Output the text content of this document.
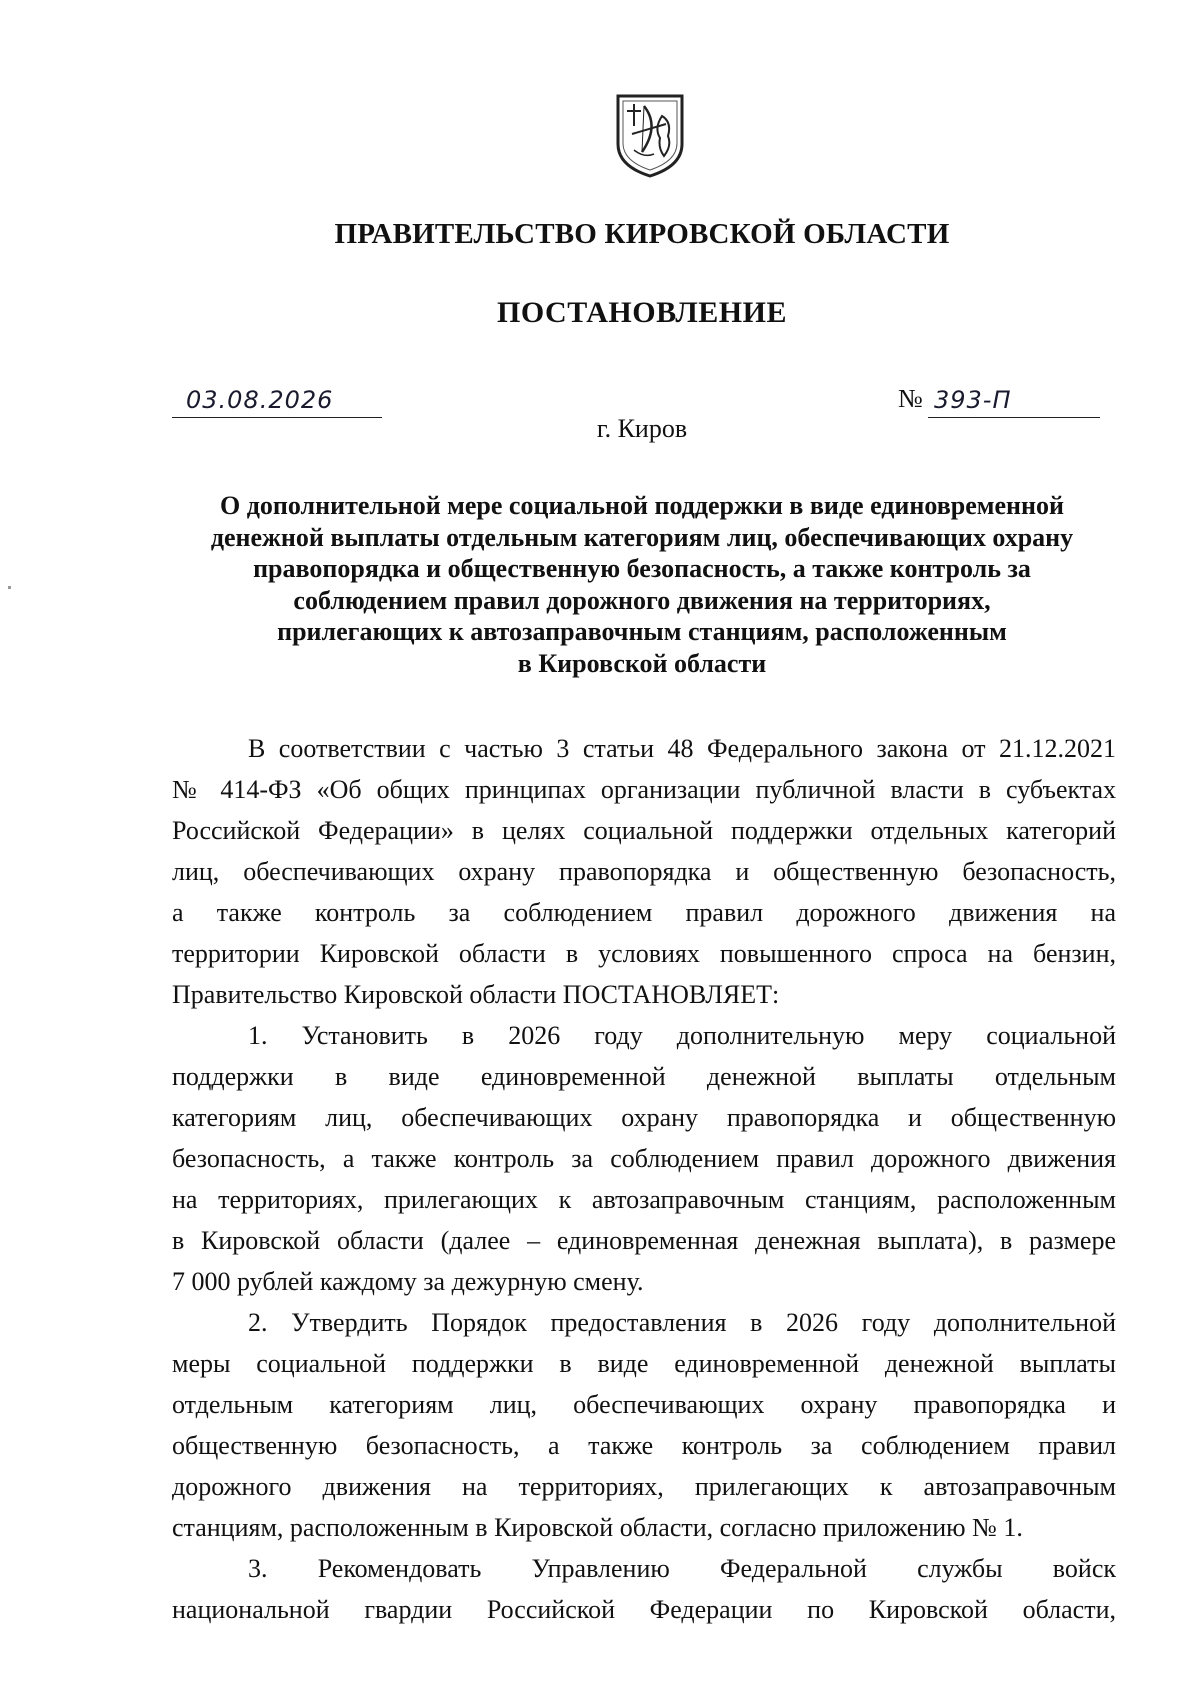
ПРАВИТЕЛЬСТВО КИРОВСКОЙ ОБЛАСТИ
ПОСТАНОВЛЕНИЕ
03.08.2026	№ 393-П
г. Киров
О дополнительной мере социальной поддержки в виде единовременной
денежной выплаты отдельным категориям лиц, обеспечивающих охрану
правопорядка и общественную безопасность, а также контроль за
соблюдением правил дорожного движения на территориях,
прилегающих к автозаправочным станциям, расположенным
в Кировской области
В соответствии с частью 3 статьи 48 Федерального закона от 21.12.2021
№ 414-ФЗ «Об общих принципах организации публичной власти в субъектах
Российской Федерации» в целях социальной поддержки отдельных категорий
лиц, обеспечивающих охрану правопорядка и общественную безопасность,
а также контроль за соблюдением правил дорожного движения на
территории Кировской области в условиях повышенного спроса на бензин,
Правительство Кировской области ПОСТАНОВЛЯЕТ:
1. Установить в 2026 году дополнительную меру социальной
поддержки в виде единовременной денежной выплаты отдельным
категориям лиц, обеспечивающих охрану правопорядка и общественную
безопасность, а также контроль за соблюдением правил дорожного движения
на территориях, прилегающих к автозаправочным станциям, расположенным
в Кировской области (далее – единовременная денежная выплата), в размере
7 000 рублей каждому за дежурную смену.
2. Утвердить Порядок предоставления в 2026 году дополнительной
меры социальной поддержки в виде единовременной денежной выплаты
отдельным категориям лиц, обеспечивающих охрану правопорядка и
общественную безопасность, а также контроль за соблюдением правил
дорожного движения на территориях, прилегающих к автозаправочным
станциям, расположенным в Кировской области, согласно приложению № 1.
3. Рекомендовать Управлению Федеральной службы войск
национальной гвардии Российской Федерации по Кировской области,
